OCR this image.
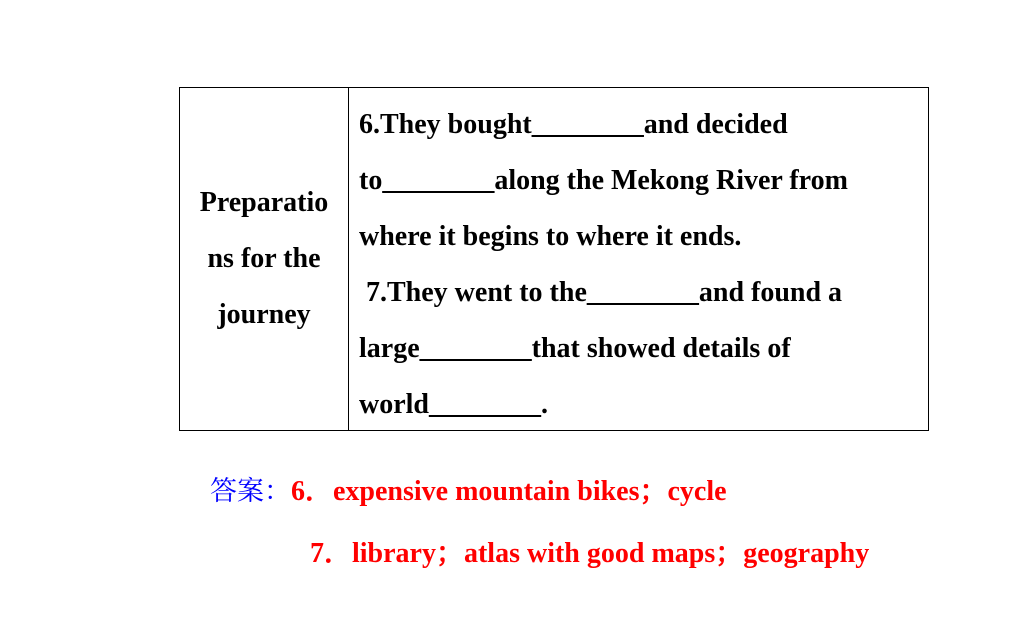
Preparatio
ns for the
journey
6.They bought________and decided
to________along the Mekong River from
where it begins to where it ends.
7.They went to the________and found a
large________that showed details of
world________.
答案：6．expensive mountain bikes；cycle
7．library；atlas with good maps；geography
